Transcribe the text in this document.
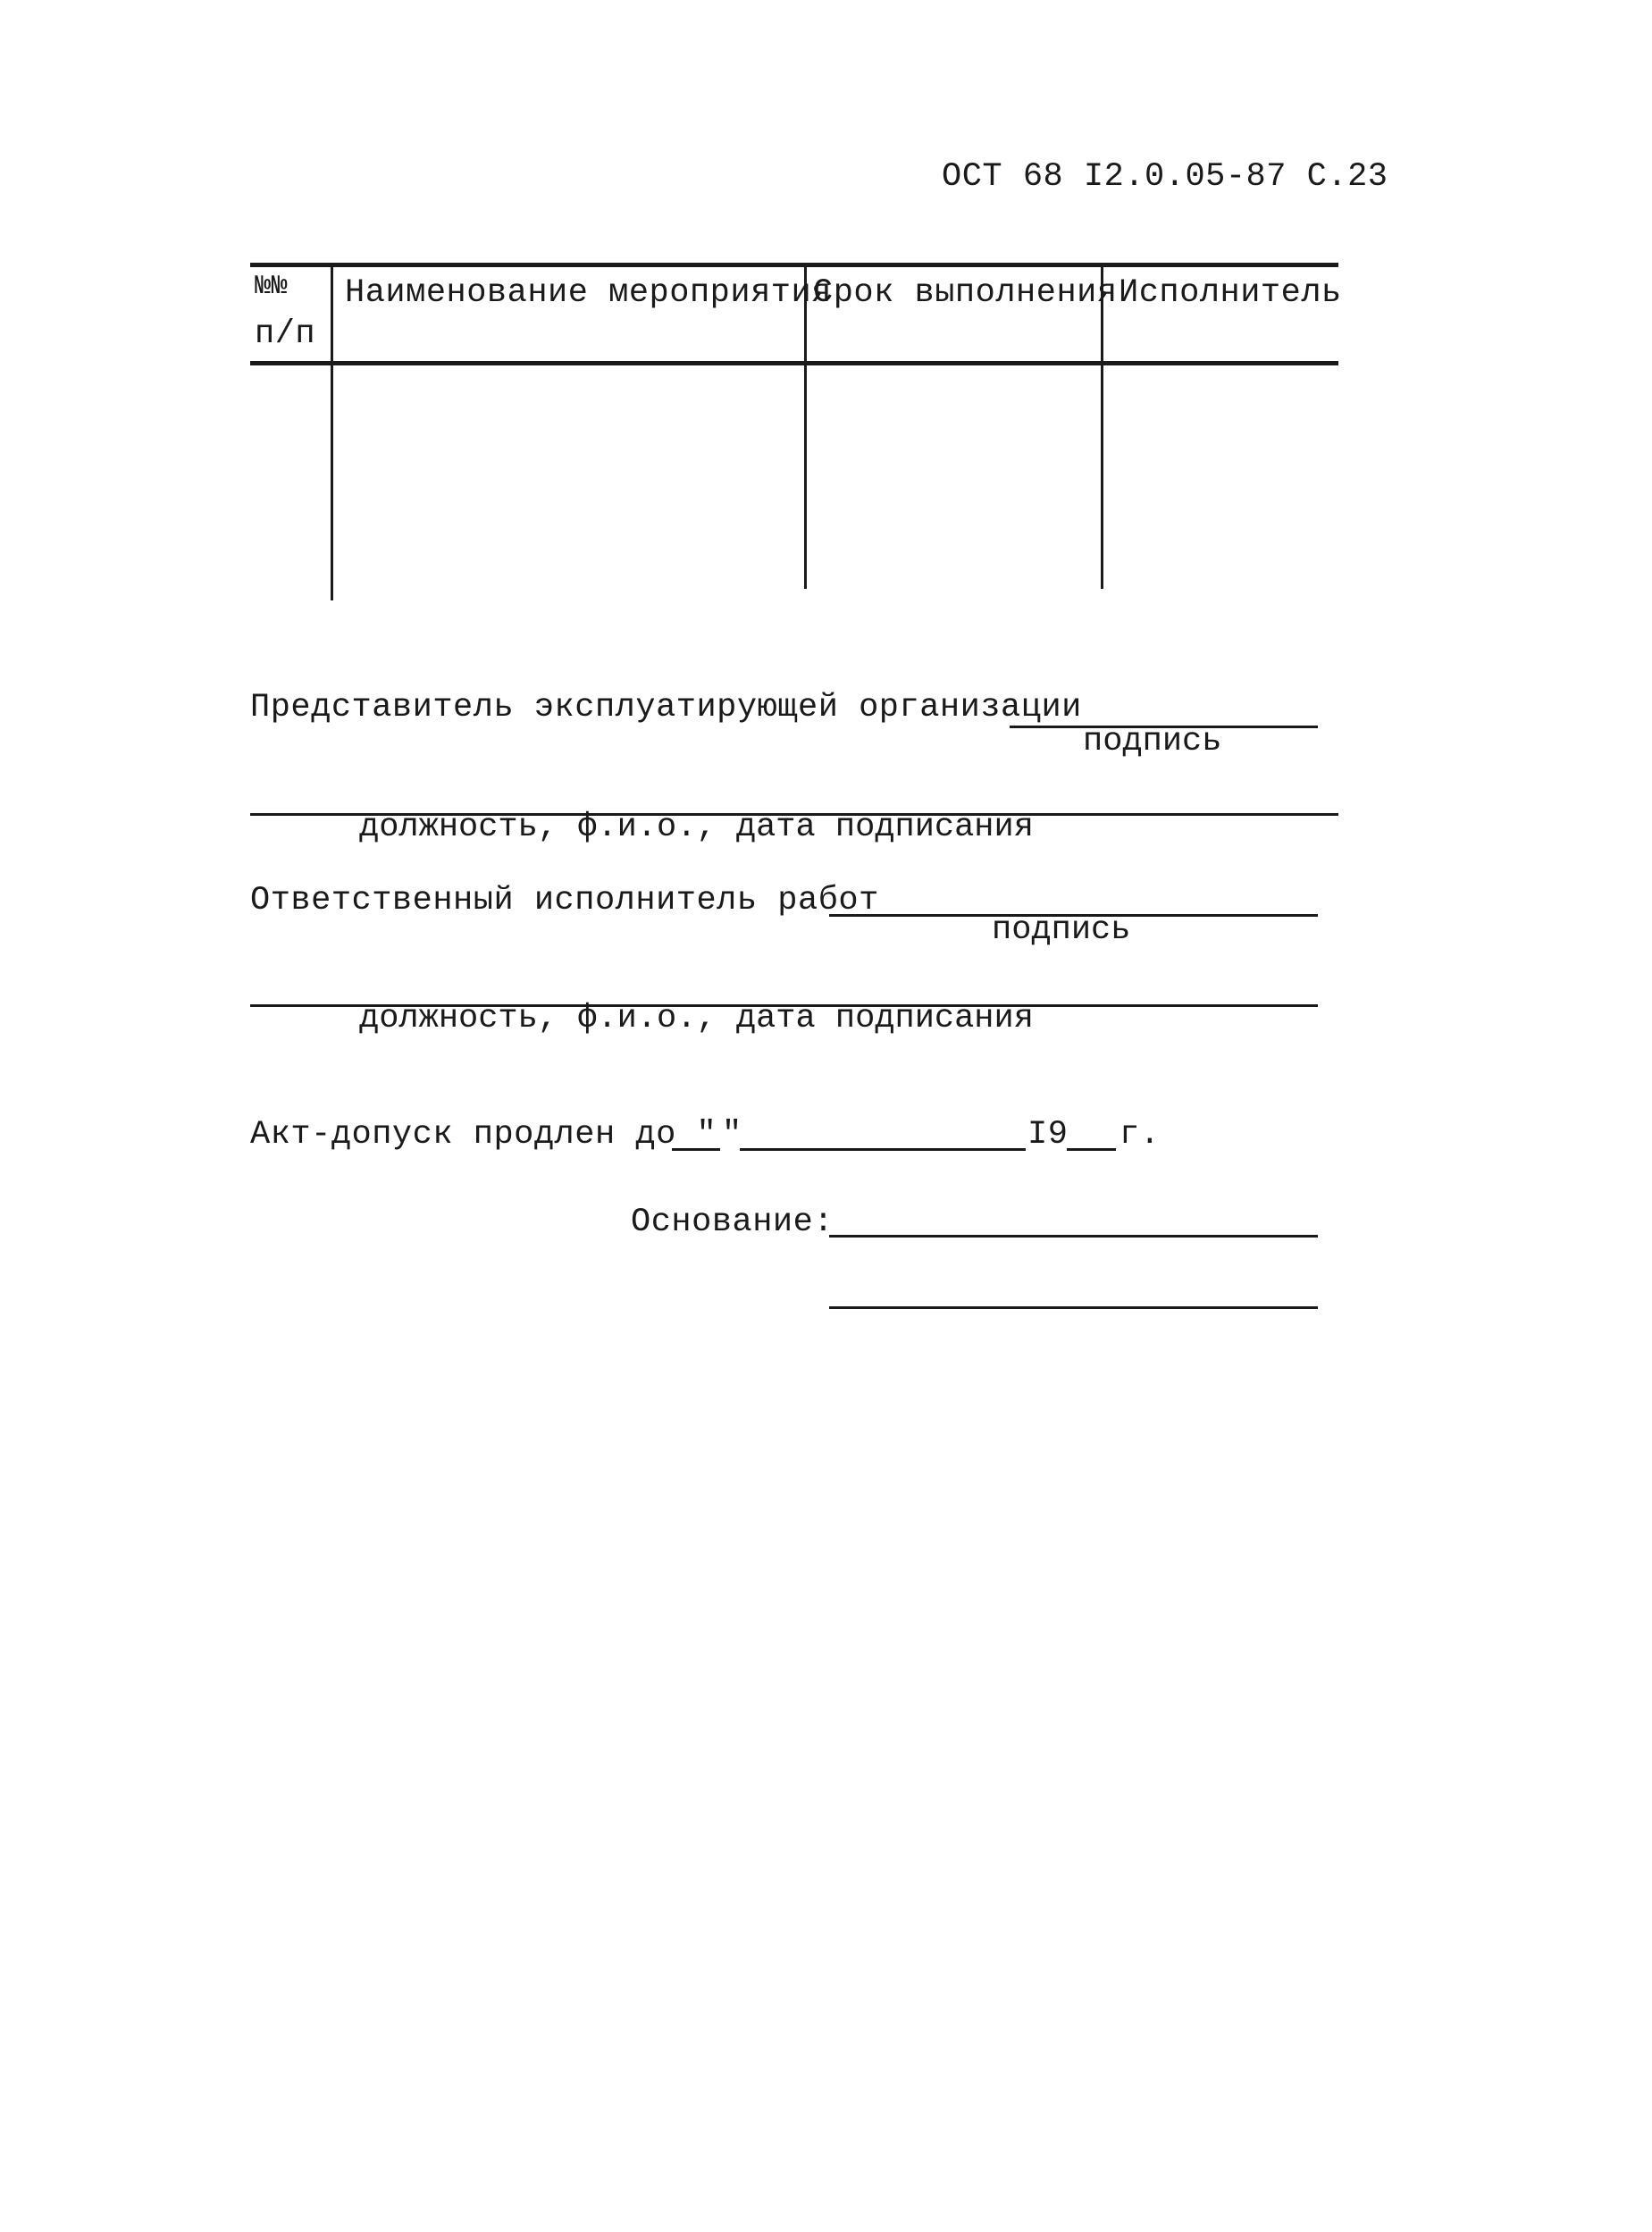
ОСТ 68 I2.0.05-87 С.23
№№
п/п
Наименование мероприятия
Срок выполнения Исполнитель
Представитель эксплуатирующей организации
подпись
должность, ф.и.о., дата подписания
Ответственный исполнитель работ
подпись
должность, ф.и.о., дата подписания
Акт-допуск продлен до " "	I9 г.
Основание:
